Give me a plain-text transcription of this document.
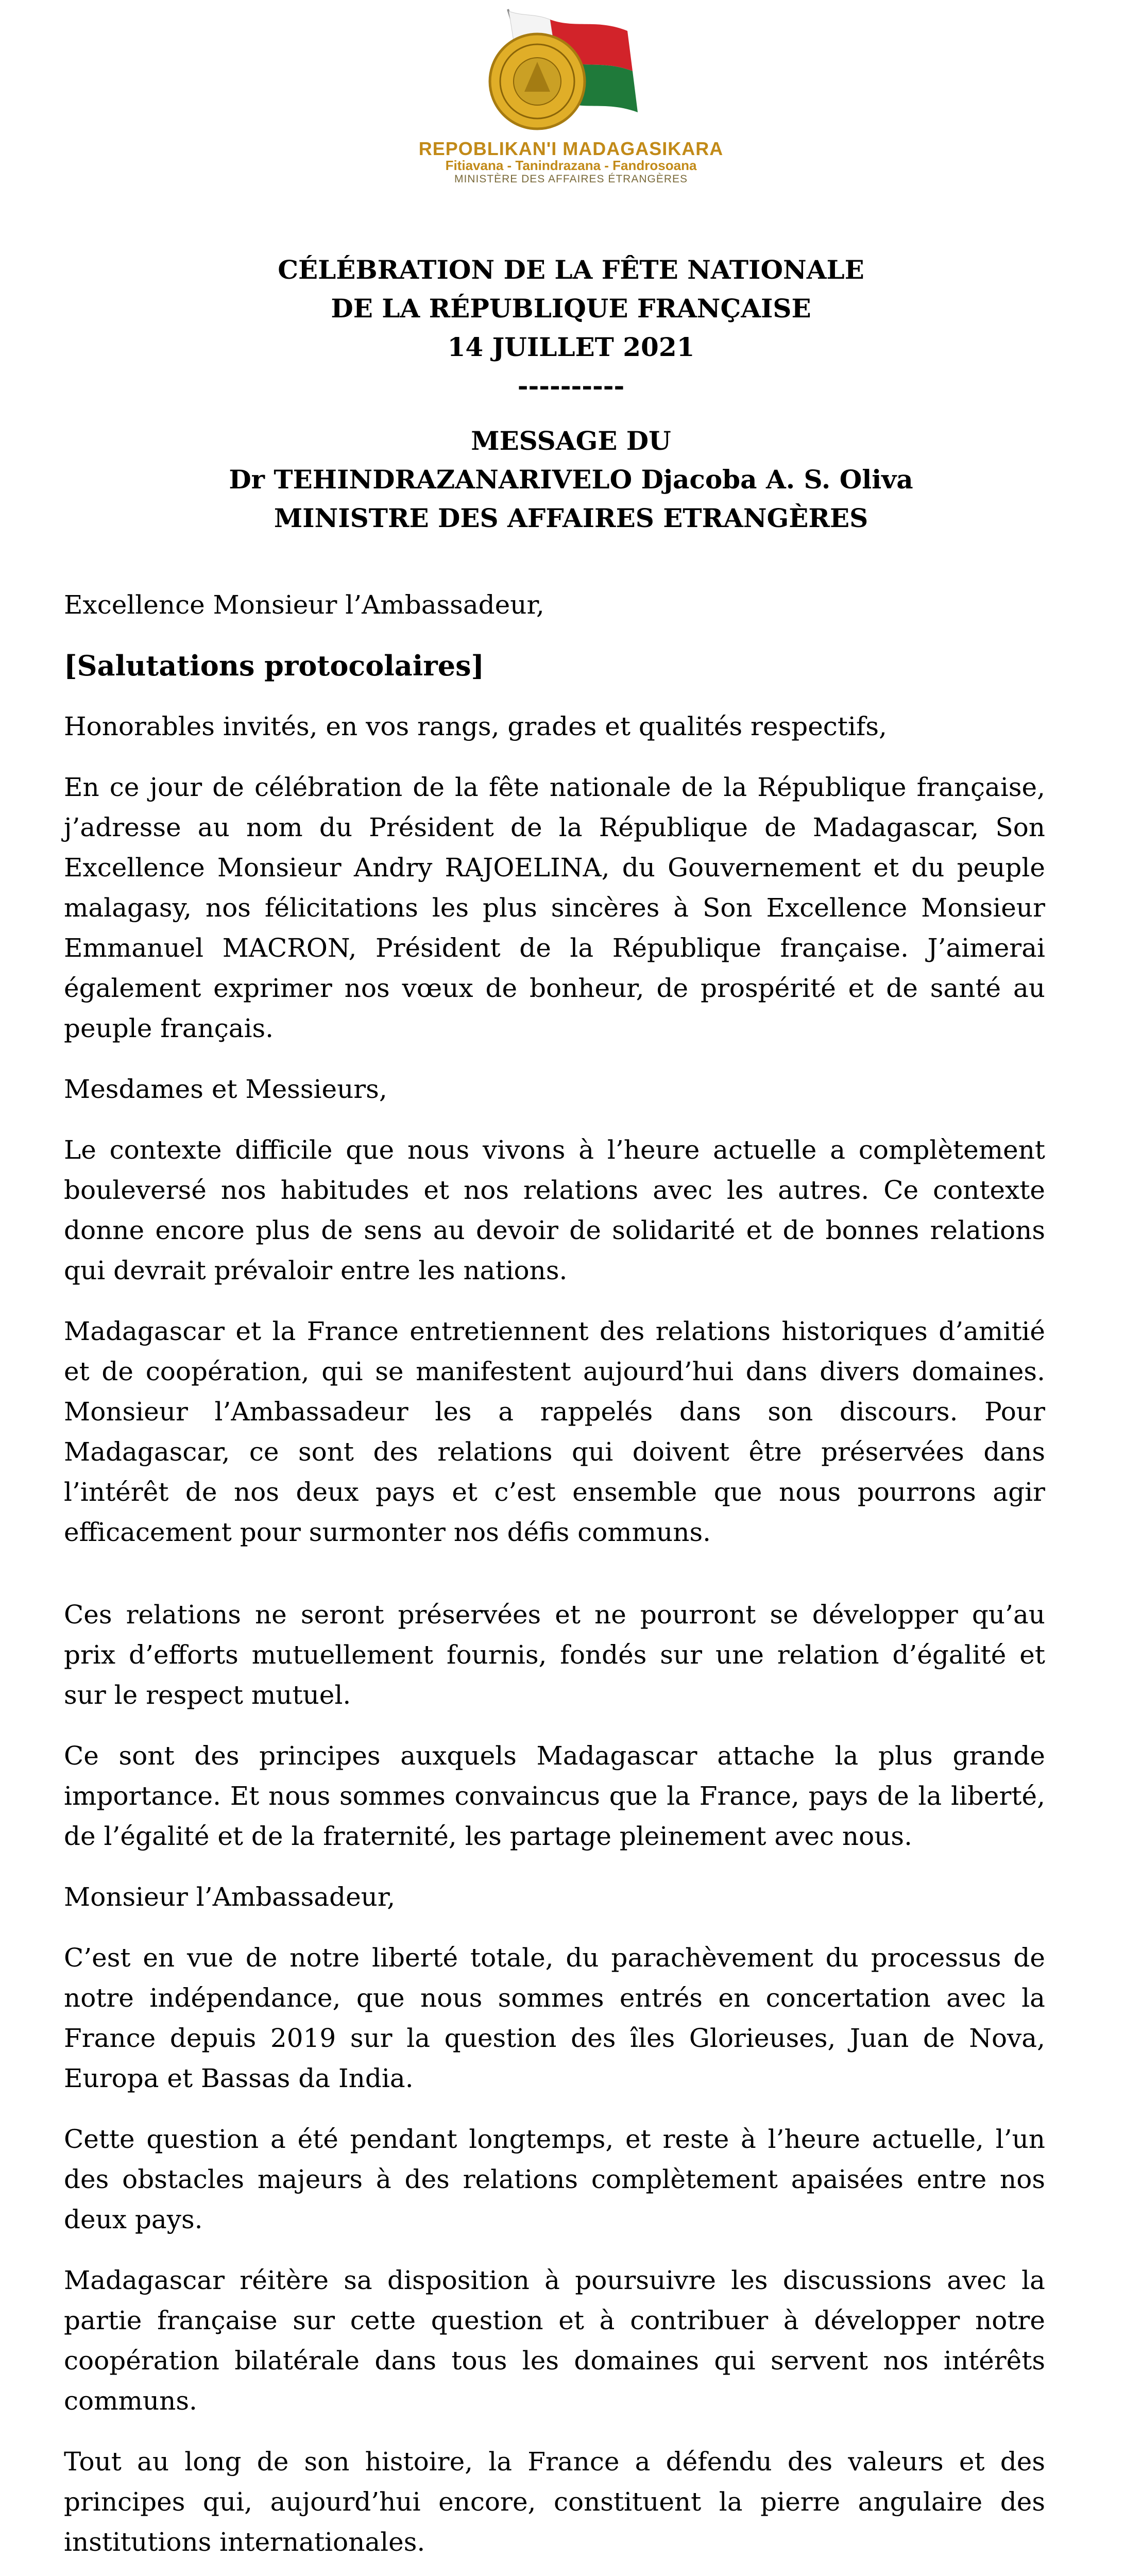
REPOBLIKAN'I MADAGASIKARA
Fitiavana - Tanindrazana - Fandrosoana
MINISTÈRE DES AFFAIRES ÉTRANGÈRES
CÉLÉBRATION DE LA FÊTE NATIONALE
DE LA RÉPUBLIQUE FRANÇAISE
14 JUILLET 2021
----------
MESSAGE DU
Dr TEHINDRAZANARIVELO Djacoba A. S. Oliva
MINISTRE DES AFFAIRES ETRANGÈRES

Excellence Monsieur l’Ambassadeur,

[Salutations protocolaires]

Honorables invités, en vos rangs, grades et qualités respectifs,

En ce jour de célébration de la fête nationale de la République française, j’adresse au nom du Président de la République de Madagascar, Son Excellence Monsieur Andry RAJOELINA, du Gouvernement et du peuple malagasy, nos félicitations les plus sincères à Son Excellence Monsieur Emmanuel MACRON, Président de la République française. J’aimerai également exprimer nos vœux de bonheur, de prospérité et de santé au peuple français.

Mesdames et Messieurs,

Le contexte difficile que nous vivons à l’heure actuelle a complètement bouleversé nos habitudes et nos relations avec les autres. Ce contexte donne encore plus de sens au devoir de solidarité et de bonnes relations qui devrait prévaloir entre les nations.

Madagascar et la France entretiennent des relations historiques d’amitié et de coopération, qui se manifestent aujourd’hui dans divers domaines. Monsieur l’Ambassadeur les a rappelés dans son discours. Pour Madagascar, ce sont des relations qui doivent être préservées dans l’intérêt de nos deux pays et c’est ensemble que nous pourrons agir efficacement pour surmonter nos défis communs.

Ces relations ne seront préservées et ne pourront se développer qu’au prix d’efforts mutuellement fournis, fondés sur une relation d’égalité et sur le respect mutuel.

Ce sont des principes auxquels Madagascar attache la plus grande importance. Et nous sommes convaincus que la France, pays de la liberté, de l’égalité et de la fraternité, les partage pleinement avec nous.

Monsieur l’Ambassadeur,

C’est en vue de notre liberté totale, du parachèvement du processus de notre indépendance, que nous sommes entrés en concertation avec la France depuis 2019 sur la question des îles Glorieuses, Juan de Nova, Europa et Bassas da India.

Cette question a été pendant longtemps, et reste à l’heure actuelle, l’un des obstacles majeurs à des relations complètement apaisées entre nos deux pays.

Madagascar réitère sa disposition à poursuivre les discussions avec la partie française sur cette question et à contribuer à développer notre coopération bilatérale dans tous les domaines qui servent nos intérêts communs.

Tout au long de son histoire, la France a défendu des valeurs et des principes qui, aujourd’hui encore, constituent la pierre angulaire des institutions internationales.
